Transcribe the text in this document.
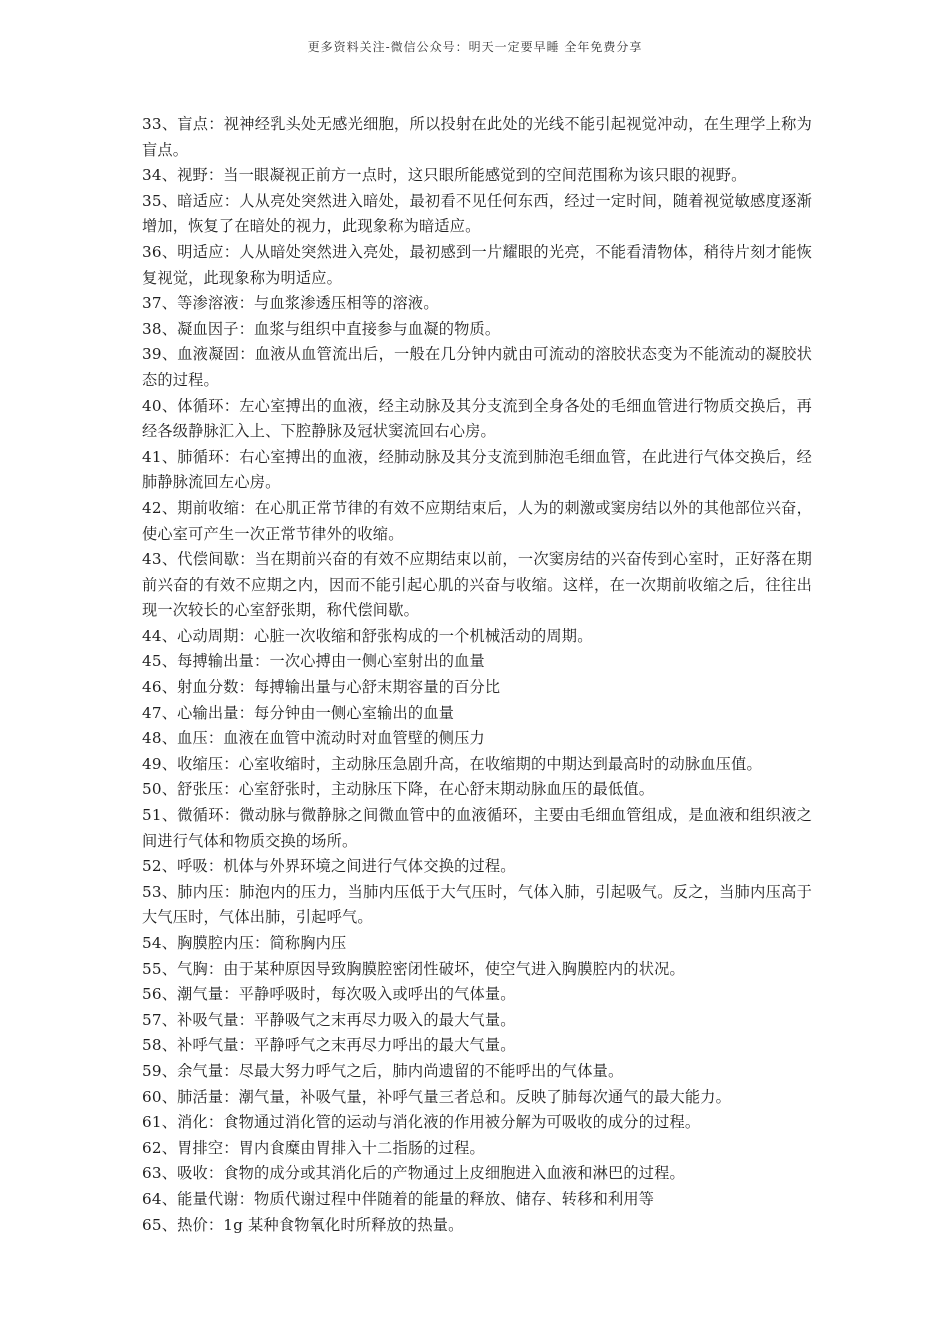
更多资料关注-微信公众号：明天一定要早睡 全年免费分享

33、盲点：视神经乳头处无感光细胞，所以投射在此处的光线不能引起视觉冲动，在生理学上称为盲点。

34、视野：当一眼凝视正前方一点时，这只眼所能感觉到的空间范围称为该只眼的视野。

35、暗适应：人从亮处突然进入暗处，最初看不见任何东西，经过一定时间，随着视觉敏感度逐渐增加，恢复了在暗处的视力，此现象称为暗适应。

36、明适应：人从暗处突然进入亮处，最初感到一片耀眼的光亮，不能看清物体，稍待片刻才能恢复视觉，此现象称为明适应。

37、等渗溶液：与血浆渗透压相等的溶液。

38、凝血因子：血浆与组织中直接参与血凝的物质。

39、血液凝固：血液从血管流出后，一般在几分钟内就由可流动的溶胶状态变为不能流动的凝胶状态的过程。

40、体循环：左心室搏出的血液，经主动脉及其分支流到全身各处的毛细血管进行物质交换后，再经各级静脉汇入上、下腔静脉及冠状窦流回右心房。

41、肺循环：右心室搏出的血液，经肺动脉及其分支流到肺泡毛细血管，在此进行气体交换后，经肺静脉流回左心房。

42、期前收缩：在心肌正常节律的有效不应期结束后，人为的刺激或窦房结以外的其他部位兴奋，使心室可产生一次正常节律外的收缩。

43、代偿间歇：当在期前兴奋的有效不应期结束以前，一次窦房结的兴奋传到心室时，正好落在期前兴奋的有效不应期之内，因而不能引起心肌的兴奋与收缩。这样，在一次期前收缩之后，往往出现一次较长的心室舒张期，称代偿间歇。

44、心动周期：心脏一次收缩和舒张构成的一个机械活动的周期。

45、每搏输出量：一次心搏由一侧心室射出的血量

46、射血分数：每搏输出量与心舒末期容量的百分比

47、心输出量：每分钟由一侧心室输出的血量

48、血压：血液在血管中流动时对血管壁的侧压力

49、收缩压：心室收缩时，主动脉压急剧升高，在收缩期的中期达到最高时的动脉血压值。

50、舒张压：心室舒张时，主动脉压下降，在心舒末期动脉血压的最低值。

51、微循环：微动脉与微静脉之间微血管中的血液循环，主要由毛细血管组成，是血液和组织液之间进行气体和物质交换的场所。

52、呼吸：机体与外界环境之间进行气体交换的过程。

53、肺内压：肺泡内的压力，当肺内压低于大气压时，气体入肺，引起吸气。反之，当肺内压高于大气压时，气体出肺，引起呼气。

54、胸膜腔内压：简称胸内压

55、气胸：由于某种原因导致胸膜腔密闭性破坏，使空气进入胸膜腔内的状况。

56、潮气量：平静呼吸时，每次吸入或呼出的气体量。

57、补吸气量：平静吸气之末再尽力吸入的最大气量。

58、补呼气量：平静呼气之末再尽力呼出的最大气量。

59、余气量：尽最大努力呼气之后，肺内尚遗留的不能呼出的气体量。

60、肺活量：潮气量，补吸气量，补呼气量三者总和。反映了肺每次通气的最大能力。

61、消化：食物通过消化管的运动与消化液的作用被分解为可吸收的成分的过程。

62、胃排空：胃内食糜由胃排入十二指肠的过程。

63、吸收：食物的成分或其消化后的产物通过上皮细胞进入血液和淋巴的过程。

64、能量代谢：物质代谢过程中伴随着的能量的释放、储存、转移和利用等

65、热价：1g 某种食物氧化时所释放的热量。
